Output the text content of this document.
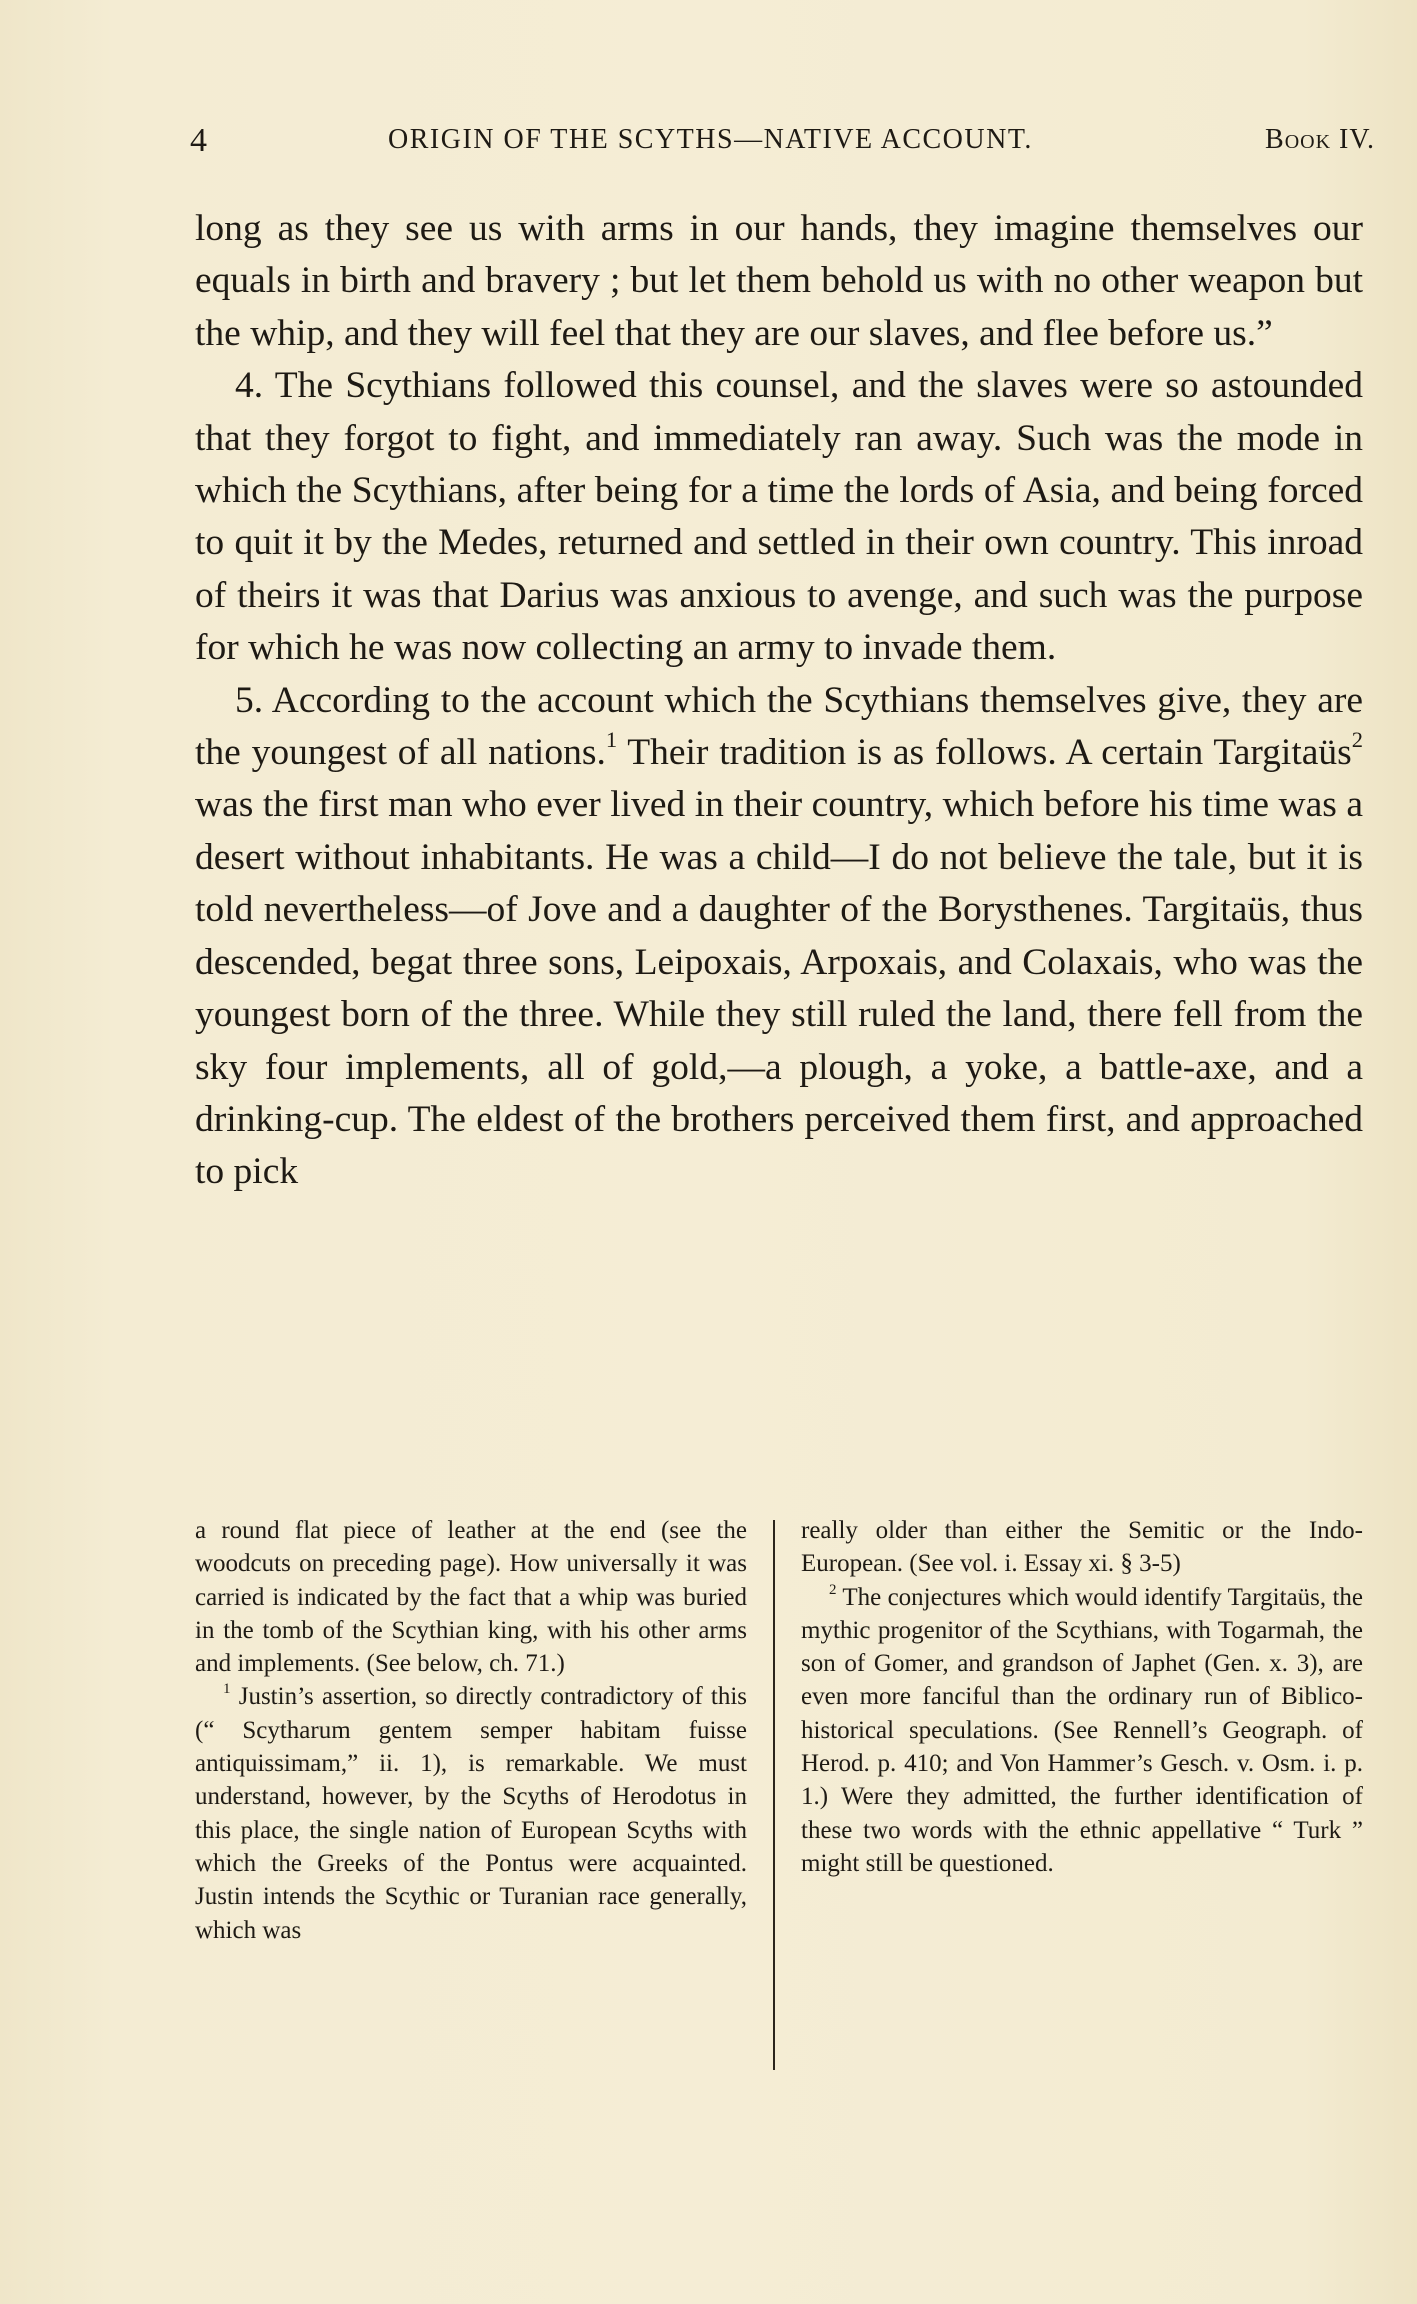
4	ORIGIN OF THE SCYTHS—NATIVE ACCOUNT.	Book IV.

long as they see us with arms in our hands, they imagine themselves our equals in birth and bravery ; but let them behold us with no other weapon but the whip, and they will feel that they are our slaves, and flee before us.”

4. The Scythians followed this counsel, and the slaves were so astounded that they forgot to fight, and immediately ran away. Such was the mode in which the Scythians, after being for a time the lords of Asia, and being forced to quit it by the Medes, returned and settled in their own country. This inroad of theirs it was that Darius was anxious to avenge, and such was the purpose for which he was now collecting an army to invade them.

5. According to the account which the Scythians themselves give, they are the youngest of all nations.$^1$ Their tradition is as follows. A certain Targitaüs$^2$ was the first man who ever lived in their country, which before his time was a desert without inhabitants. He was a child—I do not believe the tale, but it is told nevertheless—of Jove and a daughter of the Borysthenes. Targitaüs, thus descended, begat three sons, Leipoxais, Arpoxais, and Colaxais, who was the youngest born of the three. While they still ruled the land, there fell from the sky four implements, all of gold,—a plough, a yoke, a battle-axe, and a drinking-cup. The eldest of the brothers perceived them first, and approached to pick

a round flat piece of leather at the end (see the woodcuts on preceding page). How universally it was carried is indicated by the fact that a whip was buried in the tomb of the Scythian king, with his other arms and implements. (See below, ch. 71.)

$^1$ Justin’s assertion, so directly contradictory of this (“ Scytharum gentem semper habitam fuisse antiquissimam,” ii. 1), is remarkable. We must understand, however, by the Scyths of Herodotus in this place, the single nation of European Scyths with which the Greeks of the Pontus were acquainted. Justin intends the Scythic or Turanian race generally, which was

really older than either the Semitic or the Indo-European. (See vol. i. Essay xi. § 3-5)

$^2$ The conjectures which would identify Targitaüs, the mythic progenitor of the Scythians, with Togarmah, the son of Gomer, and grandson of Japhet (Gen. x. 3), are even more fanciful than the ordinary run of Biblico-historical speculations. (See Rennell’s Geograph. of Herod. p. 410; and Von Hammer’s Gesch. v. Osm. i. p. 1.) Were they admitted, the further identification of these two words with the ethnic appellative “ Turk ” might still be questioned.
